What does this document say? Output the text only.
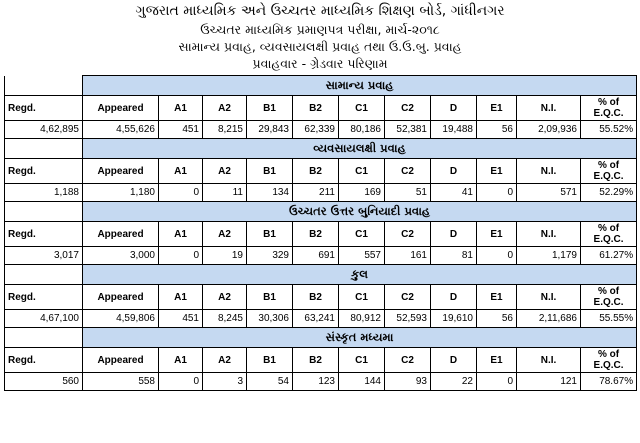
ગુજરાત માધ્યમિક અને ઉચ્ચતર માધ્યમિક શિક્ષણ બોર્ડ, ગાંધીનગર
ઉચ્ચતર માધ્યમિક પ્રમાણપત્ર પરીક્ષા, માર્ચ-૨૦૧૮
સામાન્ય પ્રવાહ, વ્યવસાયલક્ષી પ્રવાહ તથા ઉ.ઉ.બુ. પ્રવાહ
પ્રવાહવાર - ગ્રેડવાર પરિણામ
	સામાન્ય પ્રવાહ										
Regd.	Appeared	A1	A2	B1	B2	C1	C2	D	E1	N.I.	% of E.Q.C.
4,62,895	4,55,626	451	8,215	29,843	62,339	80,186	52,381	19,488	56	2,09,936	55.52%
	વ્યવસાયલક્ષી પ્રવાહ										
Regd.	Appeared	A1	A2	B1	B2	C1	C2	D	E1	N.I.	% of E.Q.C.
1,188	1,180	0	11	134	211	169	51	41	0	571	52.29%
	ઉચ્ચતર ઉત્તર બુનિયાદી પ્રવાહ										
Regd.	Appeared	A1	A2	B1	B2	C1	C2	D	E1	N.I.	% of E.Q.C.
3,017	3,000	0	19	329	691	557	161	81	0	1,179	61.27%
	કુલ										
Regd.	Appeared	A1	A2	B1	B2	C1	C2	D	E1	N.I.	% of E.Q.C.
4,67,100	4,59,806	451	8,245	30,306	63,241	80,912	52,593	19,610	56	2,11,686	55.55%
	સંસ્કૃત મધ્યમા										
Regd.	Appeared	A1	A2	B1	B2	C1	C2	D	E1	N.I.	% of E.Q.C.
560	558	0	3	54	123	144	93	22	0	121	78.67%
